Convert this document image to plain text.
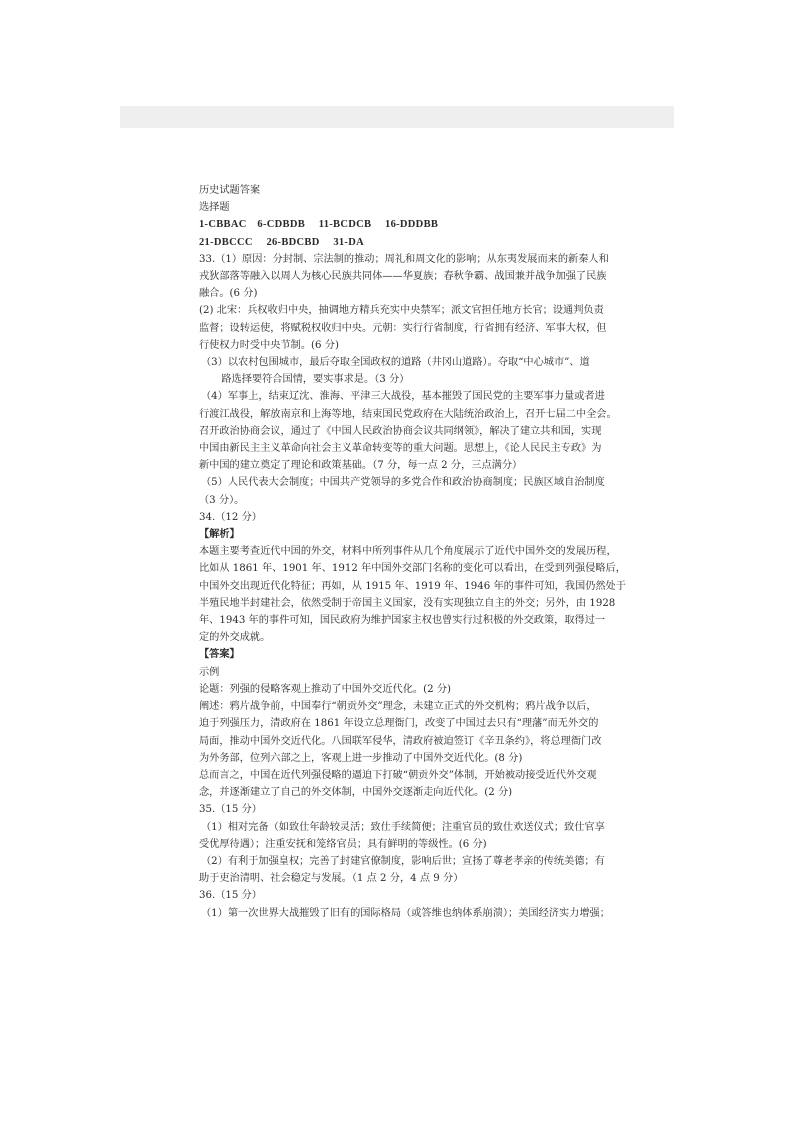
历史试题答案
选择题
1-CBBAC　6-CDBDB　 11-BCDCB　 16-DDDBB
21-DBCCC　 26-BDCBD　 31-DA
33.（1）原因：分封制、宗法制的推动；周礼和周文化的影响；从东夷发展而来的新秦人和
戎狄部落等融入以周人为核心民族共同体——华夏族；春秋争霸、战国兼并战争加强了民族
融合。(6 分)
(2) 北宋：兵权收归中央，抽调地方精兵充实中央禁军；派文官担任地方长官；设通判负责
监督；设转运使，将赋税权收归中央。元朝：实行行省制度，行省拥有经济、军事大权，但
行使权力时受中央节制。(6 分)
（3）以农村包围城市，最后夺取全国政权的道路（井冈山道路）。夺取“中心城市”、道
　　路选择要符合国情，要实事求是。（3 分）
（4）军事上，结束辽沈、淮海、平津三大战役，基本摧毁了国民党的主要军事力量或者进
行渡江战役，解放南京和上海等地，结束国民党政府在大陆统治政治上，召开七届二中全会。
召开政治协商会议，通过了《中国人民政治协商会议共同纲领》，解决了建立共和国，实现
中国由新民主主义革命向社会主义革命转变等的重大问题。思想上，《论人民民主专政》为
新中国的建立奠定了理论和政策基础。（7 分，每一点 2 分，三点满分）
（5）人民代表大会制度；中国共产党领导的多党合作和政治协商制度；民族区域自治制度
（3 分）。
34.（12 分）
【解析】
本题主要考查近代中国的外交，材料中所列事件从几个角度展示了近代中国外交的发展历程，
比如从 1861 年、1901 年、1912 年中国外交部门名称的变化可以看出，在受到列强侵略后，
中国外交出现近代化特征；再如，从 1915 年、1919 年、1946 年的事件可知，我国仍然处于
半殖民地半封建社会，依然受制于帝国主义国家，没有实现独立自主的外交；另外，由 1928
年、1943 年的事件可知，国民政府为维护国家主权也曾实行过积极的外交政策，取得过一
定的外交成就。
【答案】
示例
论题：列强的侵略客观上推动了中国外交近代化。(2 分)
阐述：鸦片战争前，中国奉行“朝贡外交”理念，未建立正式的外交机构；鸦片战争以后，
迫于列强压力，清政府在 1861 年设立总理衙门，改变了中国过去只有“理藩”而无外交的
局面，推动中国外交近代化。八国联军侵华，清政府被迫签订《辛丑条约》，将总理衙门改
为外务部，位列六部之上，客观上进一步推动了中国外交近代化。(8 分)
总而言之，中国在近代列强侵略的逼迫下打破“朝贡外交”体制，开始被动接受近代外交观
念，并逐渐建立了自己的外交体制，中国外交逐渐走向近代化。(2 分)
35.（15 分）
（1）相对完备（如致仕年龄较灵活；致仕手续简便；注重官员的致仕欢送仪式；致仕官享
受优厚待遇）；注重安抚和笼络官员；具有鲜明的等级性。(6 分)
（2）有利于加强皇权；完善了封建官僚制度，影响后世；宣扬了尊老孝亲的传统美德；有
助于吏治清明、社会稳定与发展。（1 点 2 分，4 点 9 分）
36.（15 分）
（1）第一次世界大战摧毁了旧有的国际格局（或答维也纳体系崩溃）；美国经济实力增强；
